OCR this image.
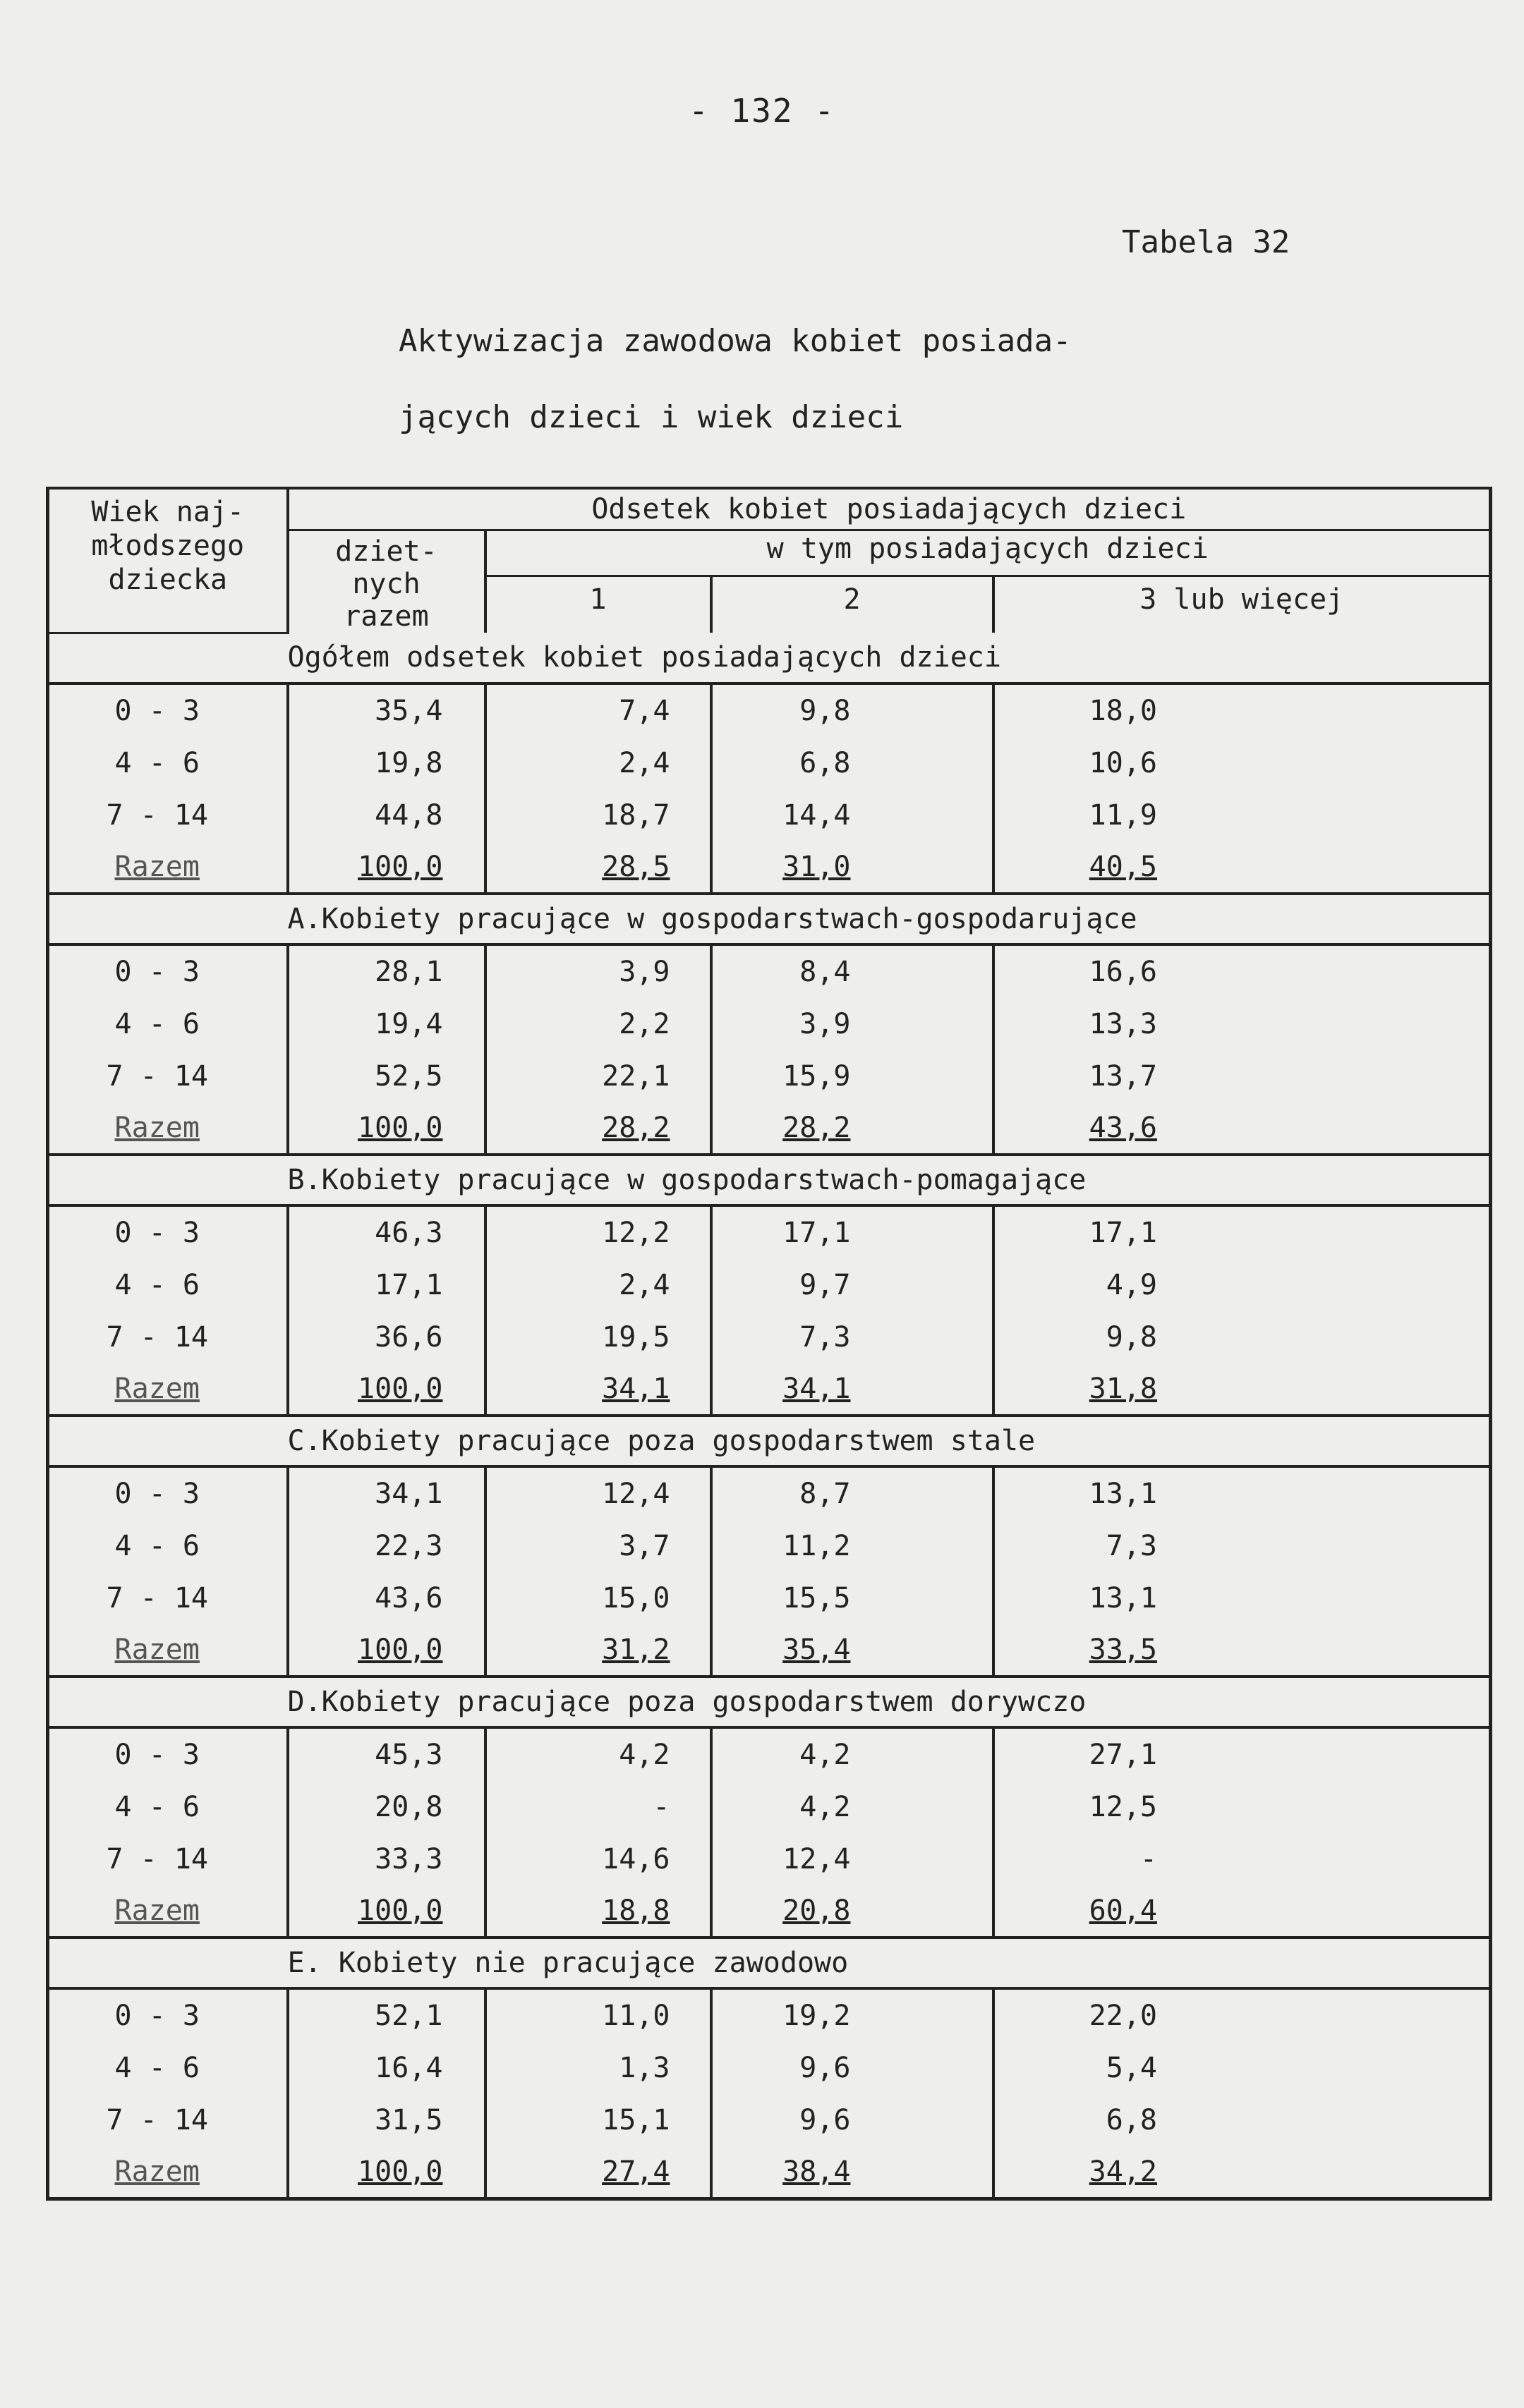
- 132 -
Tabela 32
Aktywizacja zawodowa kobiet posiada-
jących dzieci i wiek dzieci
Wiek naj- młodszego dziecka	Odsetek kobiet posiadających dzieci			

	dziet- nych razem	w tym posiadających dzieci		
		1	2	3 lub więcej
	Ogółem odsetek kobiet posiadających dzieci			
0 - 3	35,4	7,4	9,8	18,0
4 - 6	19,8	2,4	6,8	10,6
7 - 14	44,8	18,7	14,4	11,9
Razem	100,0	28,5	31,0	40,5
	A.Kobiety pracujące w gospodarstwach-gospodarujące			
0 - 3	28,1	3,9	8,4	16,6
4 - 6	19,4	2,2	3,9	13,3
7 - 14	52,5	22,1	15,9	13,7
Razem	100,0	28,2	28,2	43,6
	B.Kobiety pracujące w gospodarstwach-pomagające			
0 - 3	46,3	12,2	17,1	17,1
4 - 6	17,1	2,4	9,7	4,9
7 - 14	36,6	19,5	7,3	9,8
Razem	100,0	34,1	34,1	31,8
	C.Kobiety pracujące poza gospodarstwem stale			
0 - 3	34,1	12,4	8,7	13,1
4 - 6	22,3	3,7	11,2	7,3
7 - 14	43,6	15,0	15,5	13,1
Razem	100,0	31,2	35,4	33,5
	D.Kobiety pracujące poza gospodarstwem dorywczo			
0 - 3	45,3	4,2	4,2	27,1
4 - 6	20,8	-	4,2	12,5
7 - 14	33,3	14,6	12,4	-
Razem	100,0	18,8	20,8	60,4
	E. Kobiety nie pracujące zawodowo			
0 - 3	52,1	11,0	19,2	22,0
4 - 6	16,4	1,3	9,6	5,4
7 - 14	31,5	15,1	9,6	6,8
Razem	100,0	27,4	38,4	34,2
